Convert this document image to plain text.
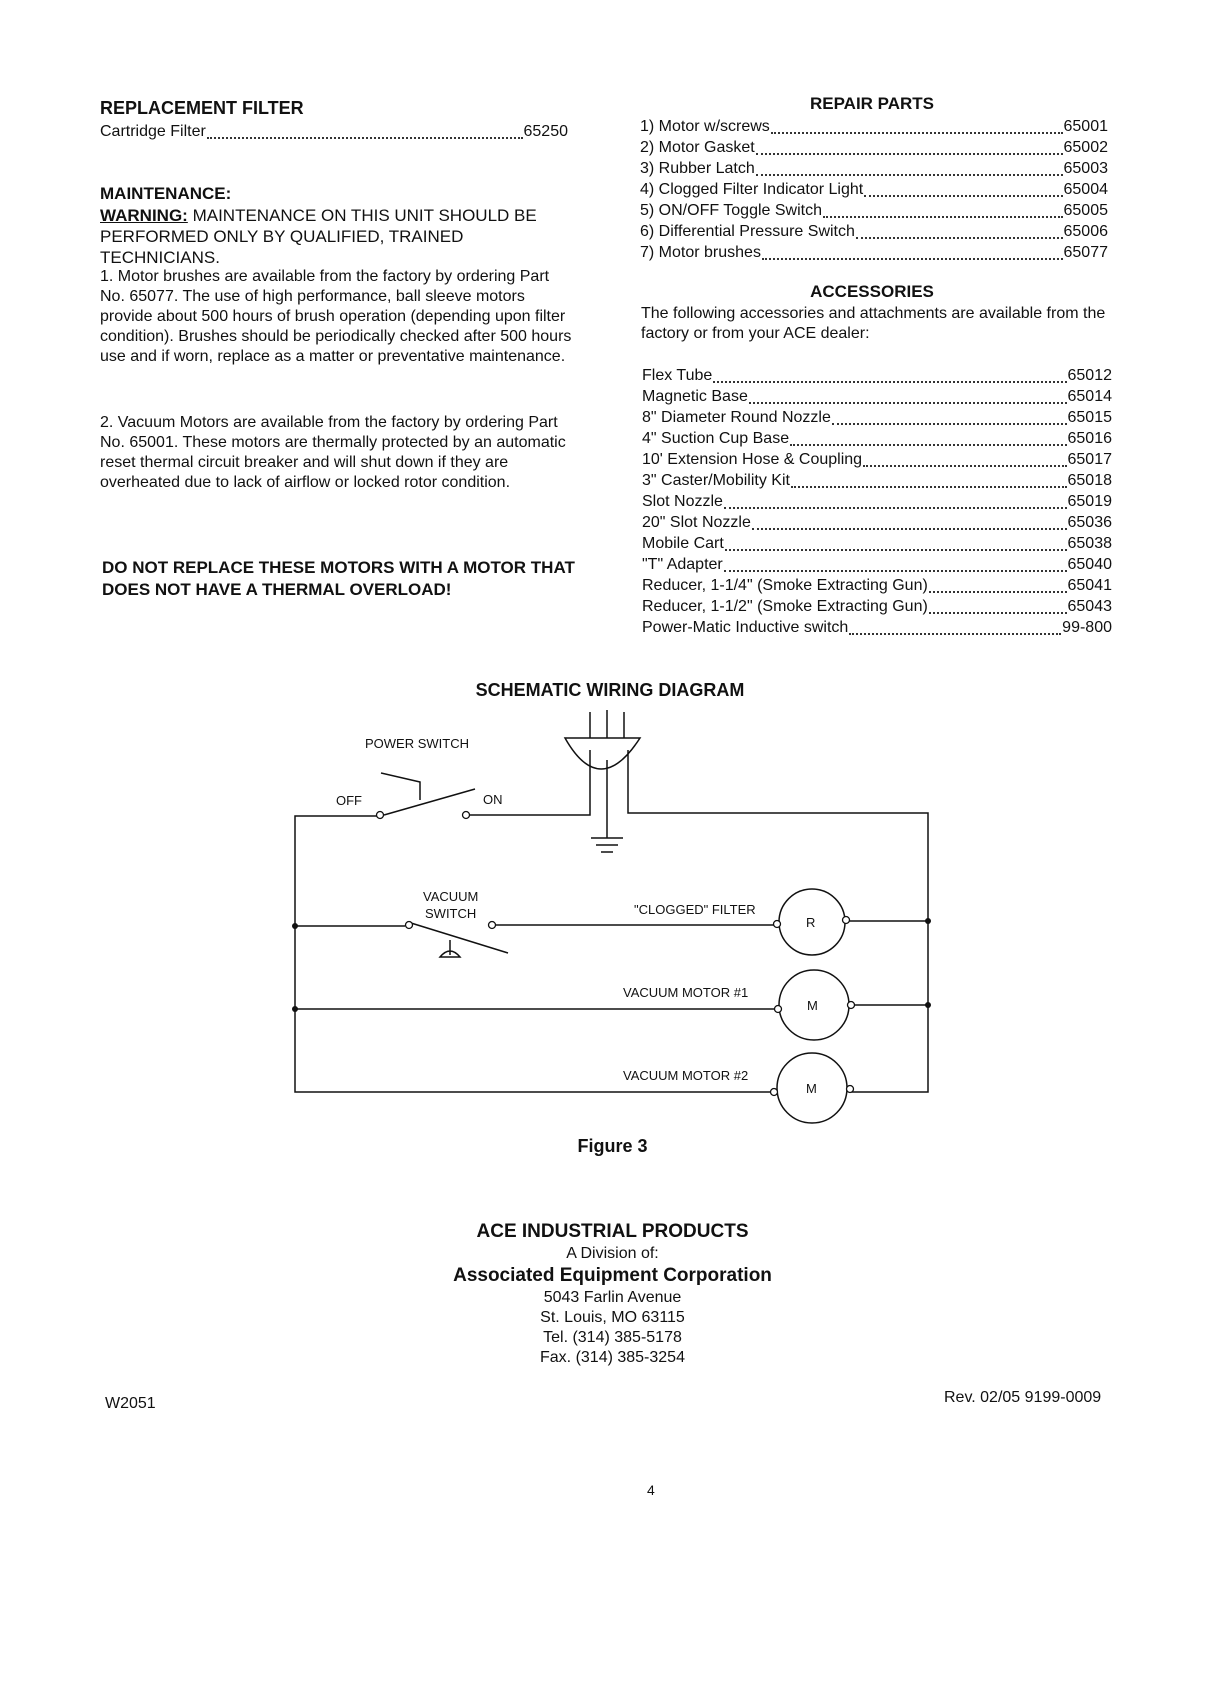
REPLACEMENT FILTER
Cartridge Filter	65250
MAINTENANCE:
WARNING: MAINTENANCE ON THIS UNIT SHOULD BE PERFORMED ONLY BY QUALIFIED, TRAINED TECHNICIANS.
1. Motor brushes are available from the factory by ordering Part No. 65077. The use of high performance, ball sleeve motors provide about 500 hours of brush operation (depending upon filter condition). Brushes should be periodically checked after 500 hours use and if worn, replace as a matter or preventative maintenance.
2. Vacuum Motors are available from the factory by ordering Part No. 65001. These motors are thermally protected by an automatic reset thermal circuit breaker and will shut down if they are overheated due to lack of airflow or locked rotor condition.
DO NOT REPLACE THESE MOTORS WITH A MOTOR THAT DOES NOT HAVE A THERMAL OVERLOAD!
REPAIR PARTS
1) Motor w/screws	65001
2) Motor Gasket	65002
3) Rubber Latch	65003
4) Clogged Filter Indicator Light	65004
5) ON/OFF Toggle Switch	65005
6) Differential Pressure Switch	65006
7) Motor brushes	65077
ACCESSORIES
The following accessories and attachments are available from the factory or from your ACE dealer:
Flex Tube	65012
Magnetic Base	65014
8" Diameter Round Nozzle	65015
4" Suction Cup Base	65016
10' Extension Hose & Coupling	65017
3" Caster/Mobility Kit	65018
Slot Nozzle	65019
20" Slot Nozzle	65036
Mobile Cart	65038
"T" Adapter	65040
Reducer, 1-1/4" (Smoke Extracting Gun)	65041
Reducer, 1-1/2" (Smoke Extracting Gun)	65043
Power-Matic Inductive switch	99-800
SCHEMATIC WIRING DIAGRAM
POWER SWITCH
OFF	ON
VACUUM
SWITCH	"CLOGGED" FILTER
VACUUM MOTOR #1
VACUUM MOTOR #2
R
M
M
Figure 3
ACE INDUSTRIAL PRODUCTS
A Division of:
Associated Equipment Corporation
5043 Farlin Avenue
St. Louis, MO 63115
Tel. (314) 385-5178
Fax. (314) 385-3254
W2051	Rev. 02/05 9199-0009
4
